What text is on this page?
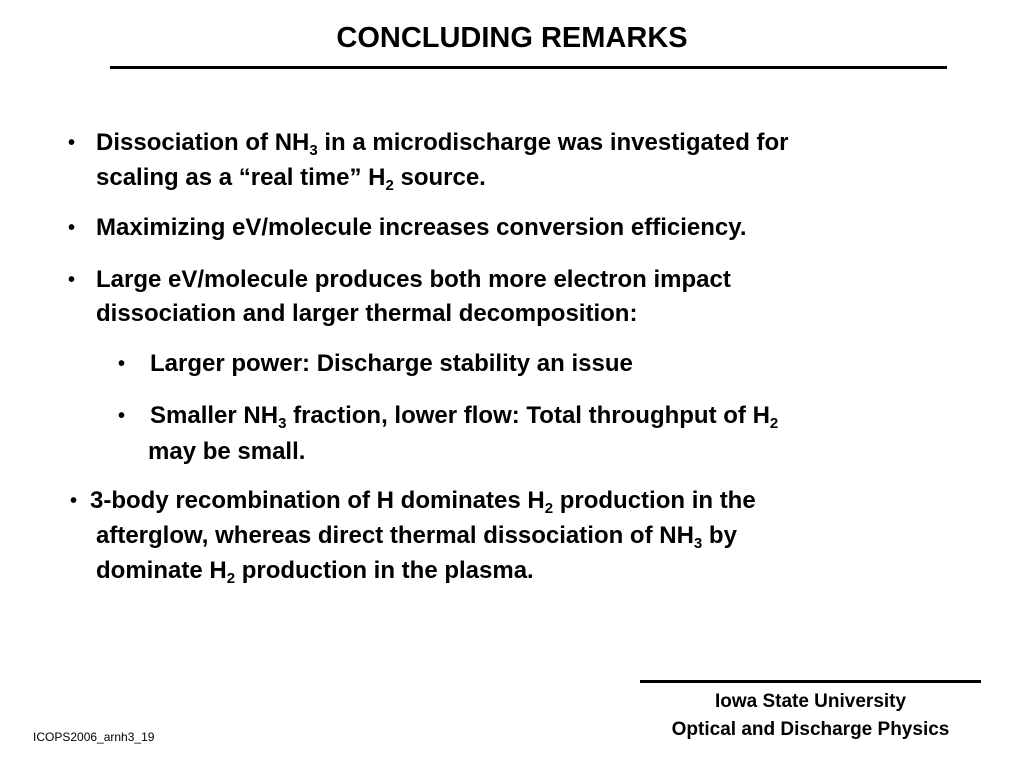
CONCLUDING REMARKS
• Dissociation of $NH_3$ in a microdischarge was investigated for
scaling as a “real time” $H_2$ source.
• Maximizing eV/molecule increases conversion efficiency.
• Large eV/molecule produces both more electron impact
dissociation and larger thermal decomposition:
• Larger power: Discharge stability an issue
• Smaller $NH_3$ fraction, lower flow: Total throughput of $H_2$
may be small.
• 3-body recombination of H dominates $H_2$ production in the
afterglow, whereas direct thermal dissociation of $NH_3$ by
dominate $H_2$ production in the plasma.
Iowa State University
Optical and Discharge Physics
ICOPS2006_arnh3_19
